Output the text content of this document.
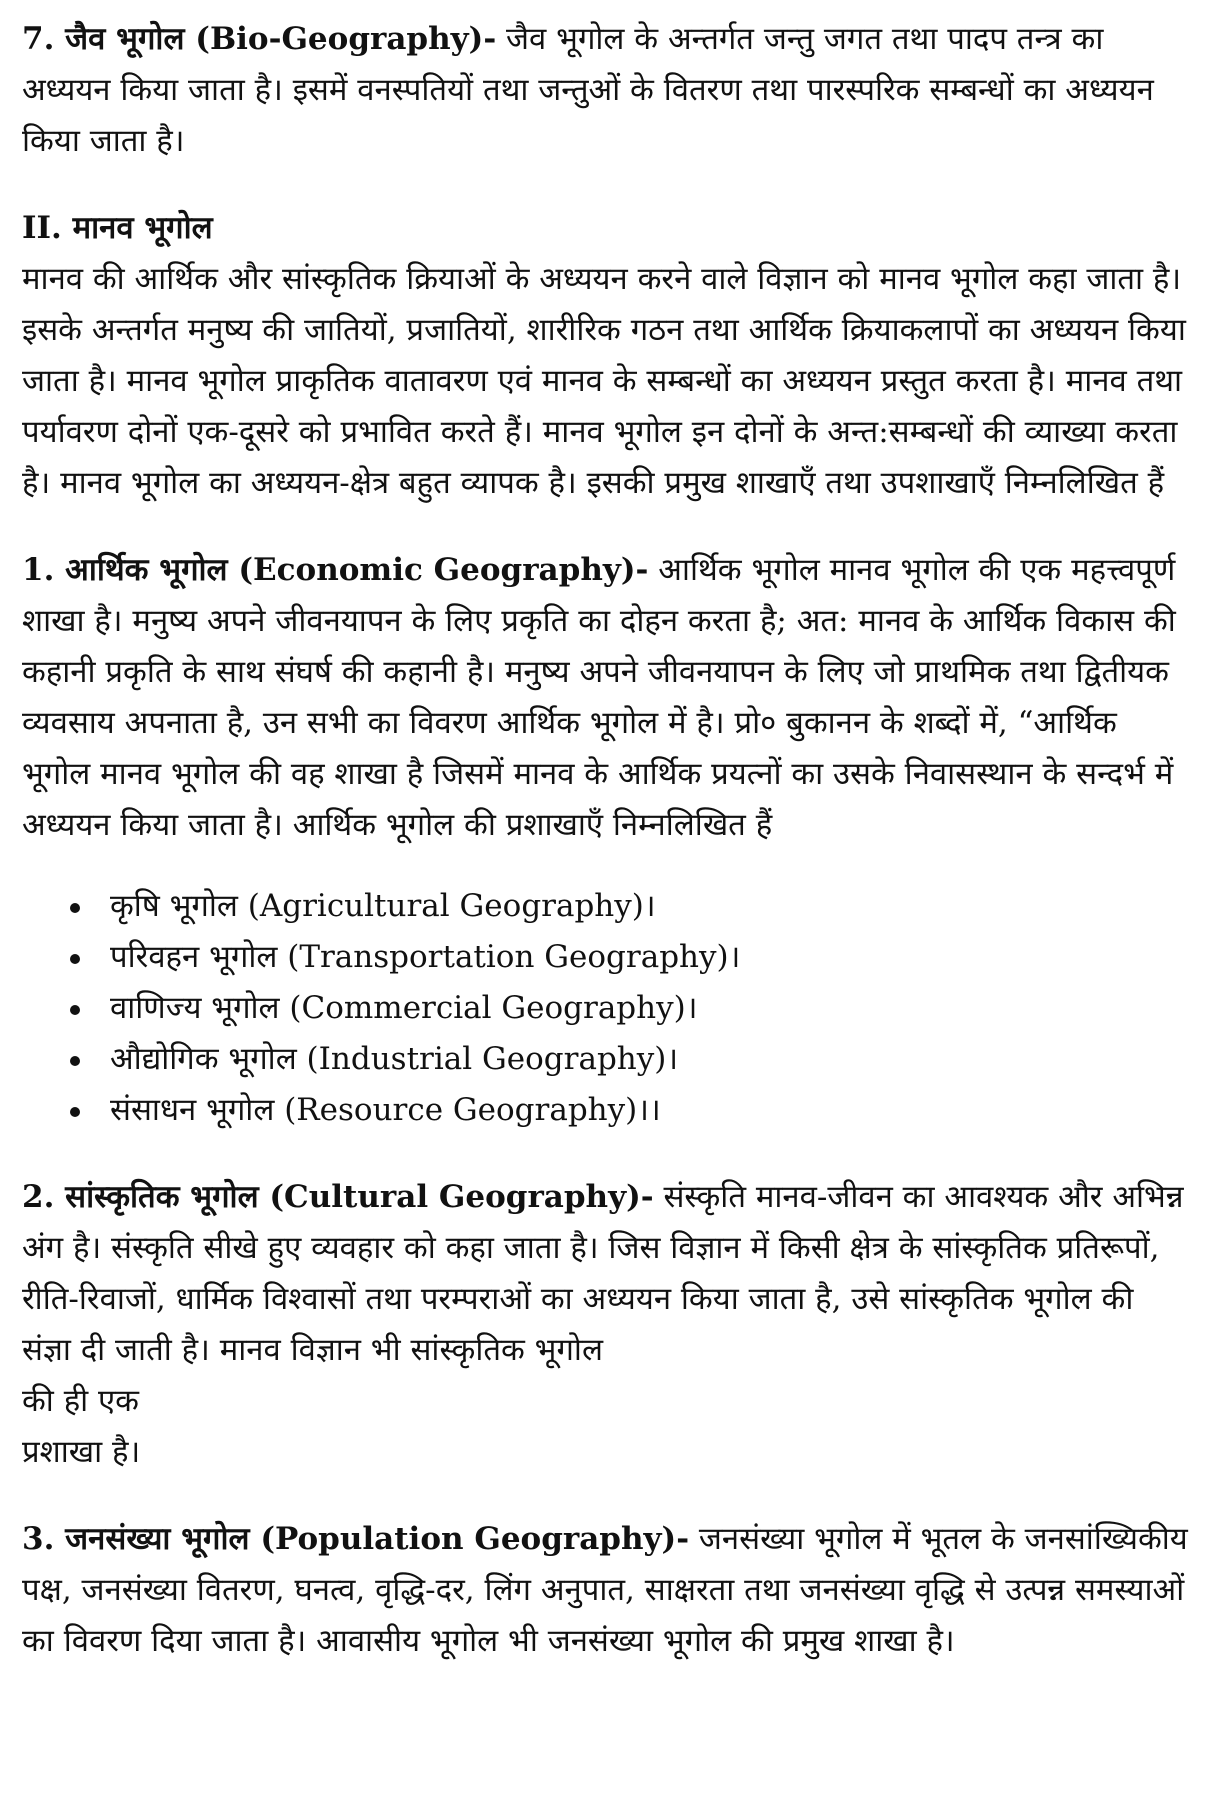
7. जैव भूगोल (Bio-Geography)- जैव भूगोल के अन्तर्गत जन्तु जगत तथा पादप तन्त्र का अध्ययन किया जाता है। इसमें वनस्पतियों तथा जन्तुओं के वितरण तथा पारस्परिक सम्बन्धों का अध्ययन किया जाता है।

II. मानव भूगोल

मानव की आर्थिक और सांस्कृतिक क्रियाओं के अध्ययन करने वाले विज्ञान को मानव भूगोल कहा जाता है। इसके अन्तर्गत मनुष्य की जातियों, प्रजातियों, शारीरिक गठन तथा आर्थिक क्रियाकलापों का अध्ययन किया जाता है। मानव भूगोल प्राकृतिक वातावरण एवं मानव के सम्बन्धों का अध्ययन प्रस्तुत करता है। मानव तथा पर्यावरण दोनों एक-दूसरे को प्रभावित करते हैं। मानव भूगोल इन दोनों के अन्त:सम्बन्धों की व्याख्या करता है। मानव भूगोल का अध्ययन-क्षेत्र बहुत व्यापक है। इसकी प्रमुख शाखाएँ तथा उपशाखाएँ निम्नलिखित हैं

1. आर्थिक भूगोल (Economic Geography)- आर्थिक भूगोल मानव भूगोल की एक महत्त्वपूर्ण शाखा है। मनुष्य अपने जीवनयापन के लिए प्रकृति का दोहन करता है; अत: मानव के आर्थिक विकास की कहानी प्रकृति के साथ संघर्ष की कहानी है। मनुष्य अपने जीवनयापन के लिए जो प्राथमिक तथा द्वितीयक व्यवसाय अपनाता है, उन सभी का विवरण आर्थिक भूगोल में है। प्रो० बुकानन के शब्दों में, “आर्थिक भूगोल मानव भूगोल की वह शाखा है जिसमें मानव के आर्थिक प्रयत्नों का उसके निवासस्थान के सन्दर्भ में अध्ययन किया जाता है। आर्थिक भूगोल की प्रशाखाएँ निम्नलिखित हैं

कृषि भूगोल (Agricultural Geography)।
परिवहन भूगोल (Transportation Geography)।
वाणिज्य भूगोल (Commercial Geography)।
औद्योगिक भूगोल (Industrial Geography)।
संसाधन भूगोल (Resource Geography)।।

2. सांस्कृतिक भूगोल (Cultural Geography)- संस्कृति मानव-जीवन का आवश्यक और अभिन्न अंग है। संस्कृति सीखे हुए व्यवहार को कहा जाता है। जिस विज्ञान में किसी क्षेत्र के सांस्कृतिक प्रतिरूपों, रीति-रिवाजों, धार्मिक विश्वासों तथा परम्पराओं का अध्ययन किया जाता है, उसे सांस्कृतिक भूगोल की संज्ञा दी जाती है। मानव विज्ञान भी सांस्कृतिक भूगोल

की ही एक

प्रशाखा है।

3. जनसंख्या भूगोल (Population Geography)- जनसंख्या भूगोल में भूतल के जनसांख्यिकीय पक्ष, जनसंख्या वितरण, घनत्व, वृद्धि-दर, लिंग अनुपात, साक्षरता तथा जनसंख्या वृद्धि से उत्पन्न समस्याओं का विवरण दिया जाता है। आवासीय भूगोल भी जनसंख्या भूगोल की प्रमुख शाखा है।
